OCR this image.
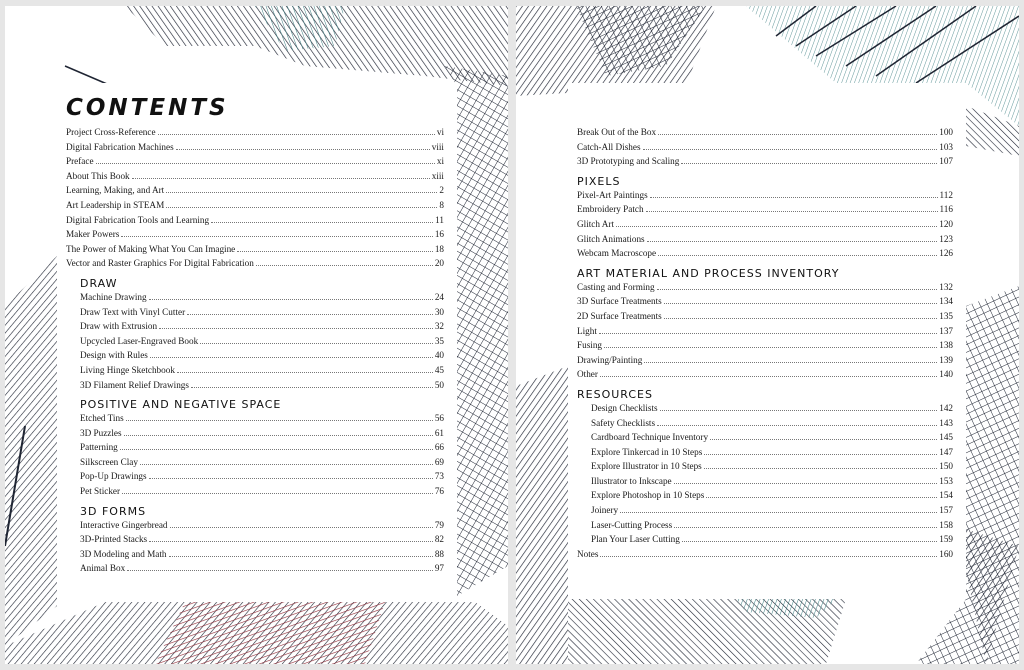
CONTENTS
Project Cross-Reference	vi
Digital Fabrication Machines	viii
Preface	xi
About This Book	xiii
Learning, Making, and Art	2
Art Leadership in STEAM	8
Digital Fabrication Tools and Learning	11
Maker Powers	16
The Power of Making What You Can Imagine	18
Vector and Raster Graphics For Digital Fabrication	20
DRAW
Machine Drawing	24
Draw Text with Vinyl Cutter	30
Draw with Extrusion	32
Upcycled Laser-Engraved Book	35
Design with Rules	40
Living Hinge Sketchbook	45
3D Filament Relief Drawings	50
POSITIVE AND NEGATIVE SPACE
Etched Tins	56
3D Puzzles	61
Patterning	66
Silkscreen Clay	69
Pop-Up Drawings	73
Pet Sticker	76
3D FORMS
Interactive Gingerbread	79
3D-Printed Stacks	82
3D Modeling and Math	88
Animal Box	97
Break Out of the Box	100
Catch-All Dishes	103
3D Prototyping and Scaling	107
PIXELS
Pixel-Art Paintings	112
Embroidery Patch	116
Glitch Art	120
Glitch Animations	123
Webcam Macroscope	126
ART MATERIAL AND PROCESS INVENTORY
Casting and Forming	132
3D Surface Treatments	134
2D Surface Treatments	135
Light	137
Fusing	138
Drawing/Painting	139
Other	140
RESOURCES
Design Checklists	142
Safety Checklists	143
Cardboard Technique Inventory	145
Explore Tinkercad in 10 Steps	147
Explore Illustrator in 10 Steps	150
Illustrator to Inkscape	153
Explore Photoshop in 10 Steps	154
Joinery	157
Laser-Cutting Process	158
Plan Your Laser Cutting	159
Notes	160
